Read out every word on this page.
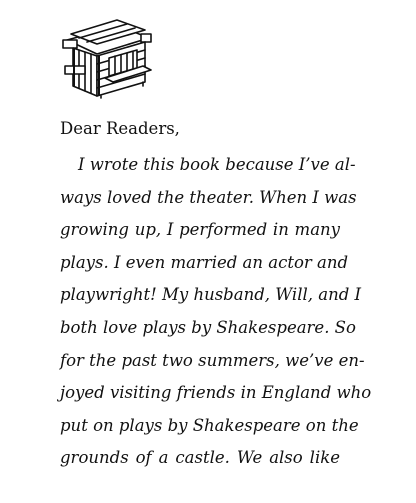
Dear Readers,

I wrote this book because I’ve al-
ways loved the theater. When I was
growing up, I performed in many
plays. I even married an actor and
playwright! My husband, Will, and I
both love plays by Shakespeare. So
for the past two summers, we’ve en-
joyed visiting friends in England who
put on plays by Shakespeare on the
grounds of a castle. We also like
